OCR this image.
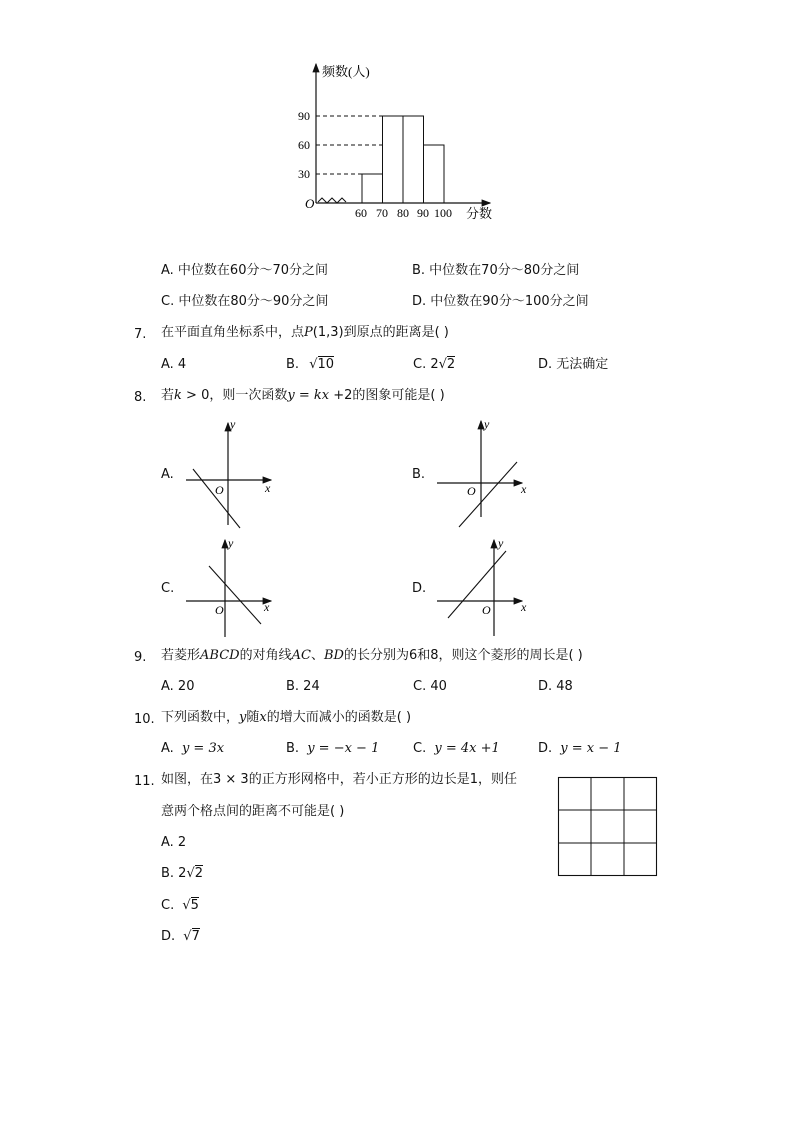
频数(人)
分数
O
90
60
30
60 70 80 90 100
A. 中位数在60分～70分之间	B. 中位数在70分～80分之间
C. 中位数在80分～90分之间	D. 中位数在90分～100分之间
7. 在平面直角坐标系中，点P(1,3)到原点的距离是( )
A. 4	B. √10	C. 2√2	D. 无法确定
8. 若k > 0，则一次函数y = kx +2的图象可能是( )
A.	B.
C.	D.
y
x
O
y
x
O
y
x
O
y
x
O
9. 若菱形ABCD的对角线AC、BD的长分别为6和8，则这个菱形的周长是( )
A. 20	B. 24	C. 40	D. 48
10. 下列函数中，y随x的增大而减小的函数是( )
A. y = 3x	B. y = −x − 1	C. y = 4x +1	D. y = x − 1
11. 如图，在3 × 3的正方形网格中，若小正方形的边长是1，则任
意两个格点间的距离不可能是( )
A. 2
B. 2√2
C. √5
D. √7
